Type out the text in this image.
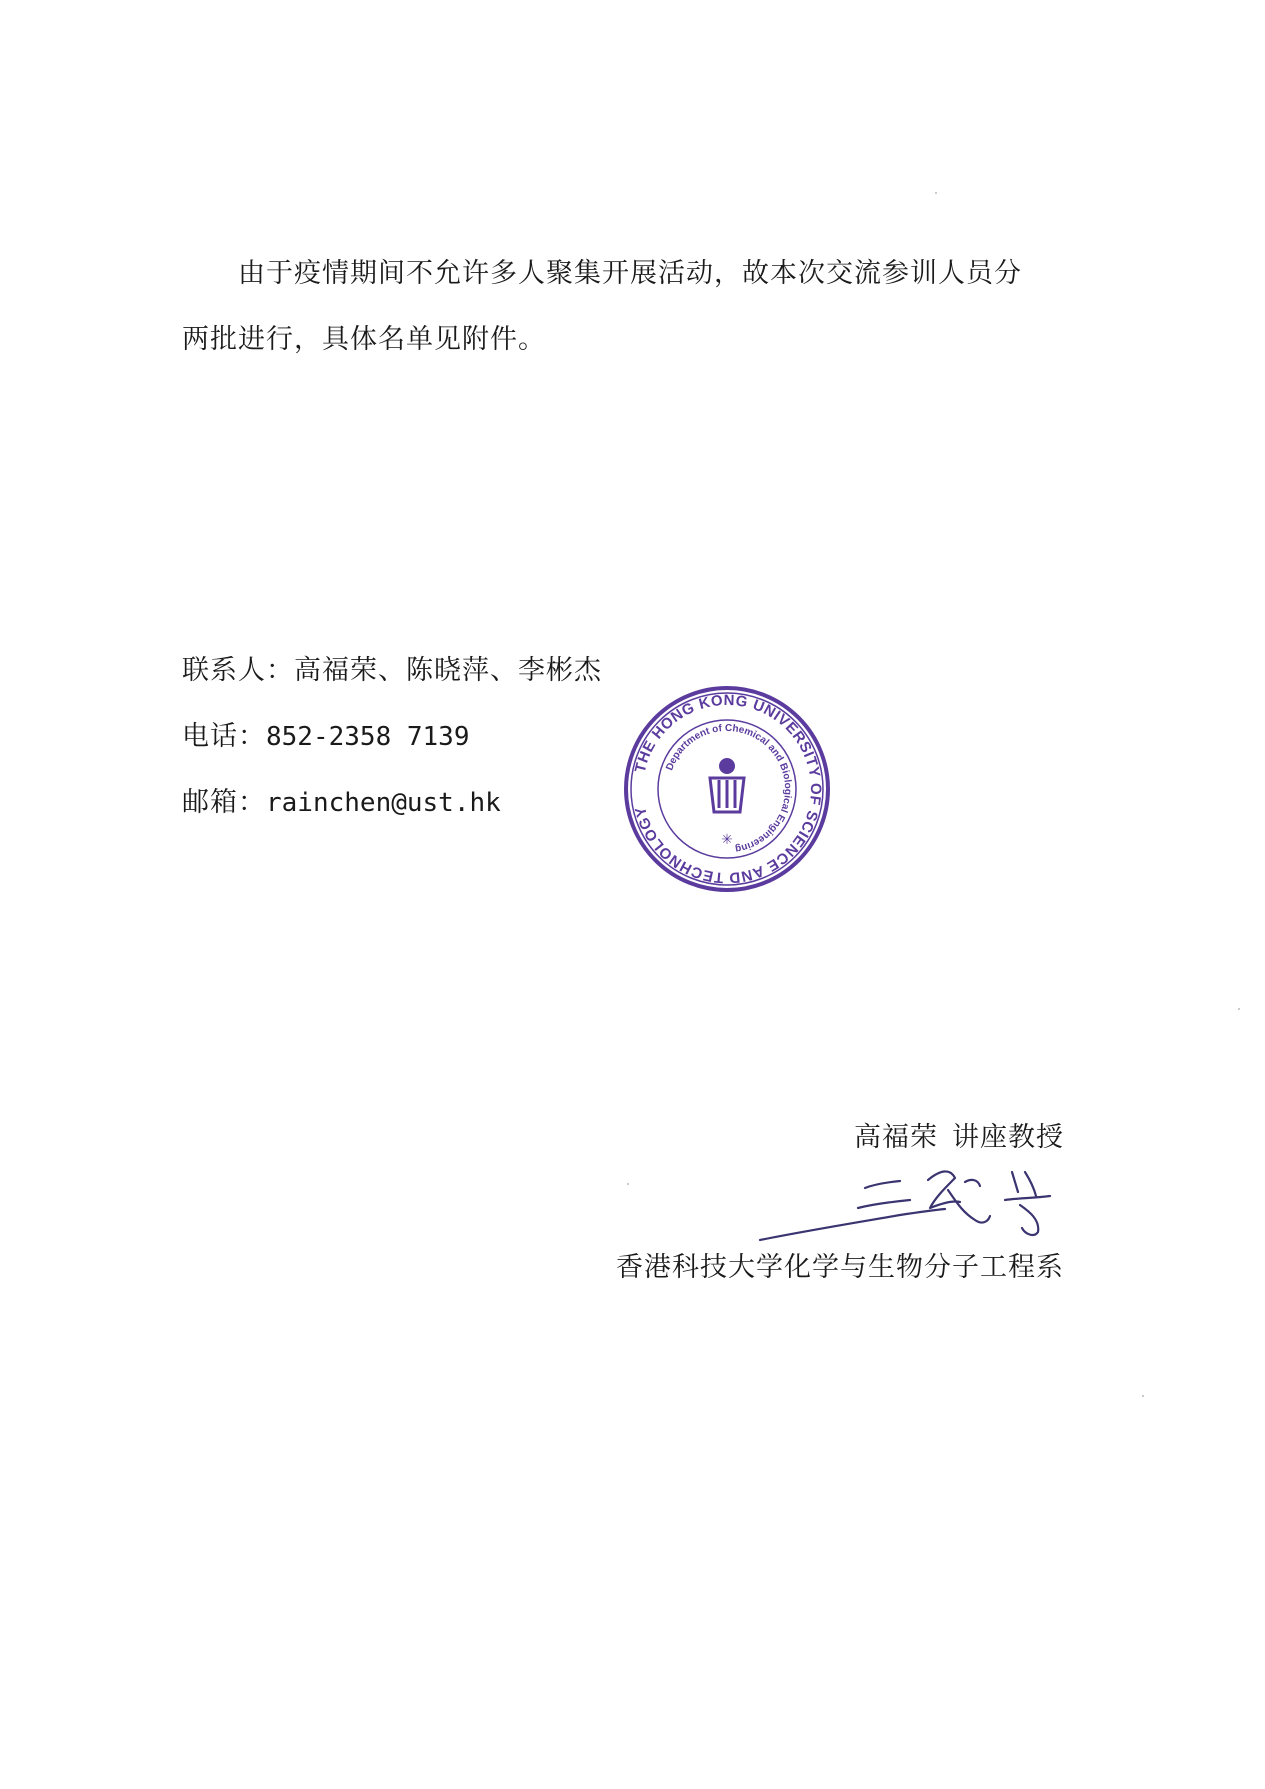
由于疫情期间不允许多人聚集开展活动，故本次交流参训人员分

两批进行，具体名单见附件。

联系人：高福荣、陈晓萍、李彬杰

电话：852-2358 7139

邮箱：rainchen@ust.hk

THE HONG KONG UNIVERSITY OF SCIENCE AND TECHNOLOGY
Department of Chemical and Biological Engineering
✳

高福荣 讲座教授

香港科技大学化学与生物分子工程系
